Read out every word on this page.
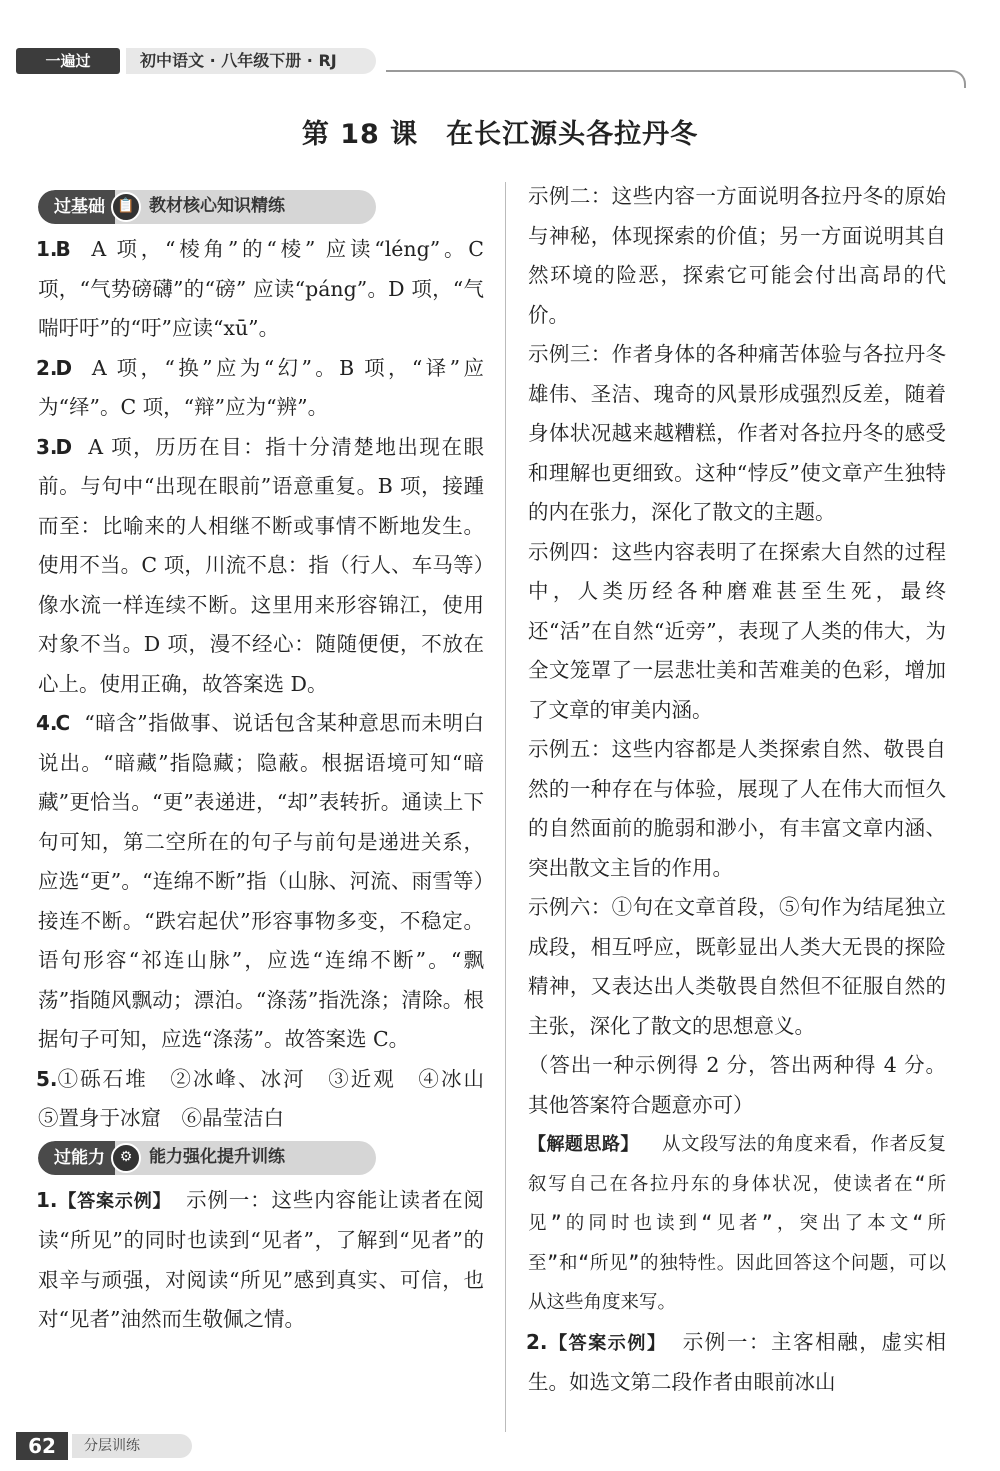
一遍过	初中语文 · 八年级下册 · RJ
第 18 课　在长江源头各拉丹冬
过基础 📋 教材核心知识精练

1.B A 项，“棱角”的“棱” 应读“léng”。C 项，“气势磅礴”的“磅” 应读“páng”。D 项，“气喘吁吁”的“吁”应读“xū”。

2.D A 项，“换”应为“幻”。B 项，“译”应为“绎”。C 项，“辩”应为“辨”。

3.D A 项，历历在目：指十分清楚地出现在眼前。与句中“出现在眼前”语意重复。B 项，接踵而至：比喻来的人相继不断或事情不断地发生。使用不当。C 项，川流不息：指（行人、车马等）像水流一样连续不断。这里用来形容锦江，使用对象不当。D 项，漫不经心：随随便便，不放在心上。使用正确，故答案选 D。

4.C “暗含”指做事、说话包含某种意思而未明白说出。“暗藏”指隐藏；隐蔽。根据语境可知“暗藏”更恰当。“更”表递进，“却”表转折。通读上下句可知，第二空所在的句子与前句是递进关系，应选“更”。“连绵不断”指（山脉、河流、雨雪等）接连不断。“跌宕起伏”形容事物多变，不稳定。语句形容“祁连山脉”，应选“连绵不断”。“飘荡”指随风飘动；漂泊。“涤荡”指洗涤；清除。根据句子可知，应选“涤荡”。故答案选 C。

5.①砾石堆　②冰峰、冰河　③近观　④冰山　⑤置身于冰窟　⑥晶莹洁白

过能力	⚙ 能力强化提升训练

1.【答案示例】 示例一：这些内容能让读者在阅读“所见”的同时也读到“见者”，了解到“见者”的艰辛与顽强，对阅读“所见”感到真实、可信，也对“见者”油然而生敬佩之情。

示例二：这些内容一方面说明各拉丹冬的原始与神秘，体现探索的价值；另一方面说明其自然环境的险恶，探索它可能会付出高昂的代价。

示例三：作者身体的各种痛苦体验与各拉丹冬雄伟、圣洁、瑰奇的风景形成强烈反差，随着身体状况越来越糟糕，作者对各拉丹冬的感受和理解也更细致。这种“悖反”使文章产生独特的内在张力，深化了散文的主题。

示例四：这些内容表明了在探索大自然的过程中，人类历经各种磨难甚至生死，最终还“活”在自然“近旁”，表现了人类的伟大，为全文笼罩了一层悲壮美和苦难美的色彩，增加了文章的审美内涵。

示例五：这些内容都是人类探索自然、敬畏自然的一种存在与体验，展现了人在伟大而恒久的自然面前的脆弱和渺小，有丰富文章内涵、突出散文主旨的作用。

示例六：①句在文章首段，⑤句作为结尾独立成段，相互呼应，既彰显出人类大无畏的探险精神，又表达出人类敬畏自然但不征服自然的主张，深化了散文的思想意义。

（答出一种示例得 2 分，答出两种得 4 分。其他答案符合题意亦可）

【解题思路】 从文段写法的角度来看，作者反复叙写自己在各拉丹东的身体状况，使读者在“所见”的同时也读到“见者”，突出了本文“所至”和“所见”的独特性。因此回答这个问题，可以从这些角度来写。

2.【答案示例】 示例一：主客相融，虚实相生。如选文第二段作者由眼前冰山

62	分层训练
